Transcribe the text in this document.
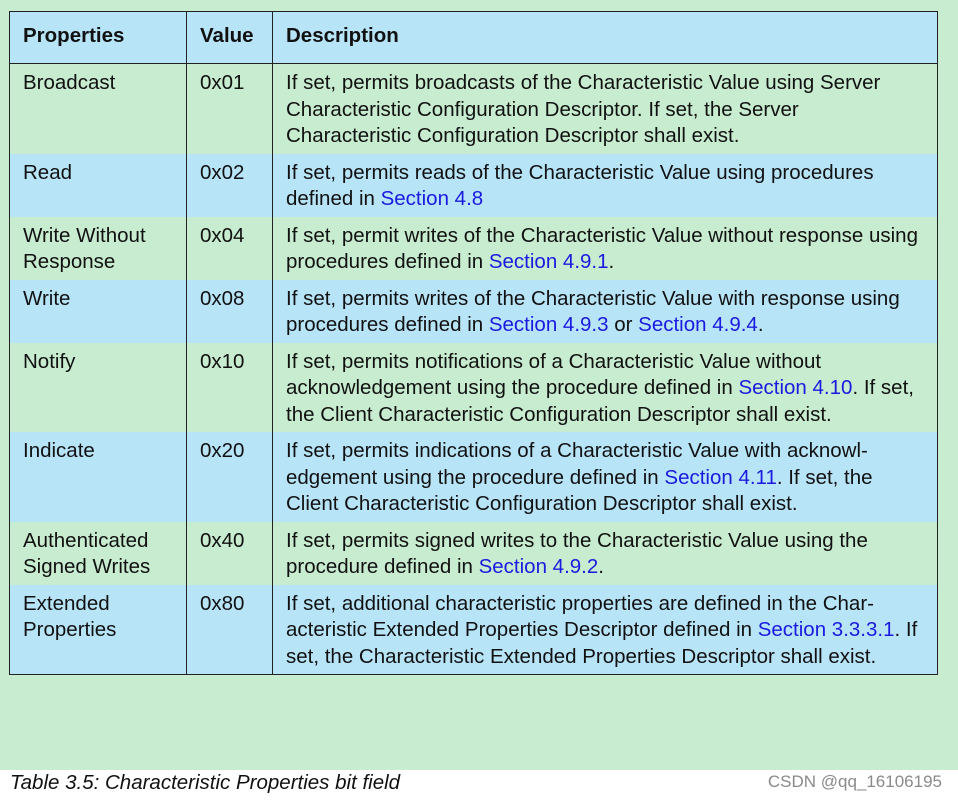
Properties	Value	Description
Broadcast	0x01	If set, permits broadcasts of the Characteristic Value using Server Characteristic Configuration Descriptor. If set, the Server Characteristic Configuration Descriptor shall exist.
Read	0x02	If set, permits reads of the Characteristic Value using procedures defined in Section 4.8
Write Without Response	0x04	If set, permit writes of the Characteristic Value without response using procedures defined in Section 4.9.1.
Write	0x08	If set, permits writes of the Characteristic Value with response using procedures defined in Section 4.9.3 or Section 4.9.4.
Notify	0x10	If set, permits notifications of a Characteristic Value without acknowledgement using the procedure defined in Section 4.10. If set, the Client Characteristic Configuration Descriptor shall exist.
Indicate	0x20	If set, permits indications of a Characteristic Value with acknowl-edgement using the procedure defined in Section 4.11. If set, the Client Characteristic Configuration Descriptor shall exist.
Authenticated Signed Writes	0x40	If set, permits signed writes to the Characteristic Value using the procedure defined in Section 4.9.2.
Extended Properties	0x80	If set, additional characteristic properties are defined in the Char-acteristic Extended Properties Descriptor defined in Section 3.3.3.1. If set, the Characteristic Extended Properties Descriptor shall exist.
Table 3.5: Characteristic Properties bit field	CSDN @qq_16106195
